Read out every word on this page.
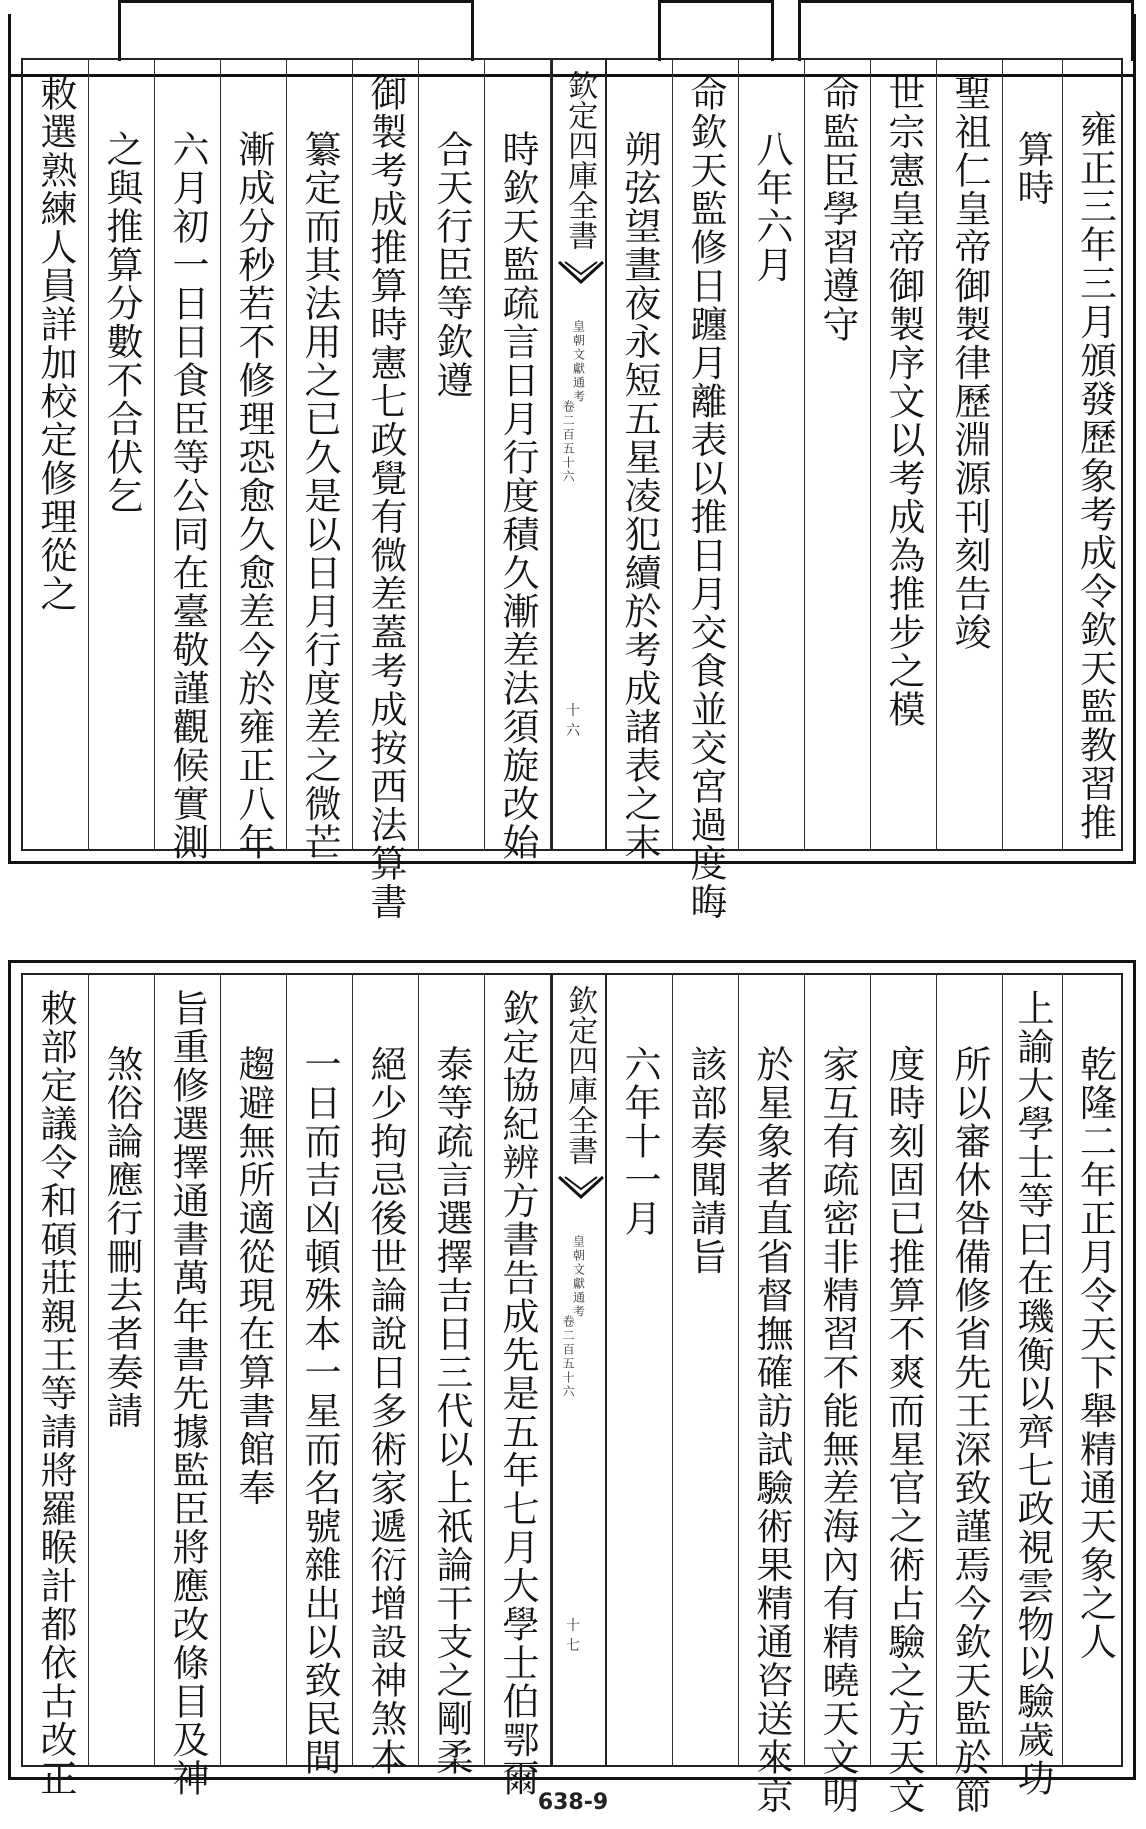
敕選熟練人員詳加校定修理從之 之與推算分數不合伏乞 六月初一日日食臣等公同在臺敬謹觀候實測 漸成分秒若不修理恐愈久愈差今於雍正八年 纂定而其法用之已久是以日月行度差之微芒 御製考成推算時憲七政覺有微差蓋考成按西法算書 合天行臣等欽遵 時欽天監疏言日月行度積久漸差法須旋改始 欽定四庫全書
皇朝文獻通考
卷二百五十六
十六	朔弦望晝夜永短五星凌犯續於考成諸表之末 命欽天監修日躔月離表以推日月交食並交宮過度晦 八年六月 命監臣學習遵守 世宗憲皇帝御製序文以考成為推步之模 聖祖仁皇帝御製律歷淵源刊刻告竣 算時 雍正三年三月頒發歷象考成令欽天監教習推
敕部定議令和碩莊親王等請將羅睺計都依古改正 煞俗論應行刪去者奏請 旨重修選擇通書萬年書先據監臣將應改條目及神 趨避無所適從現在算書館奉 一日而吉凶頓殊本一星而名號雜出以致民間 絕少拘忌後世論說日多術家遞衍增設神煞本 泰等疏言選擇吉日三代以上祇論干支之剛柔 欽定協紀辨方書告成先是五年七月大學士伯鄂爾 欽定四庫全書
皇朝文獻通考
卷二百五十六
十七
六年十一月 該部奏聞請旨 於星象者直省督撫確訪試驗術果精通咨送來京 家互有疏密非精習不能無差海內有精曉天文明 度時刻固已推算不爽而星官之術占驗之方天文 所以審休咎備修省先王深致謹焉今欽天監於節 上諭大學士等曰在璣衡以齊七政視雲物以驗歲功 乾隆二年正月令天下舉精通天象之人
638-9
